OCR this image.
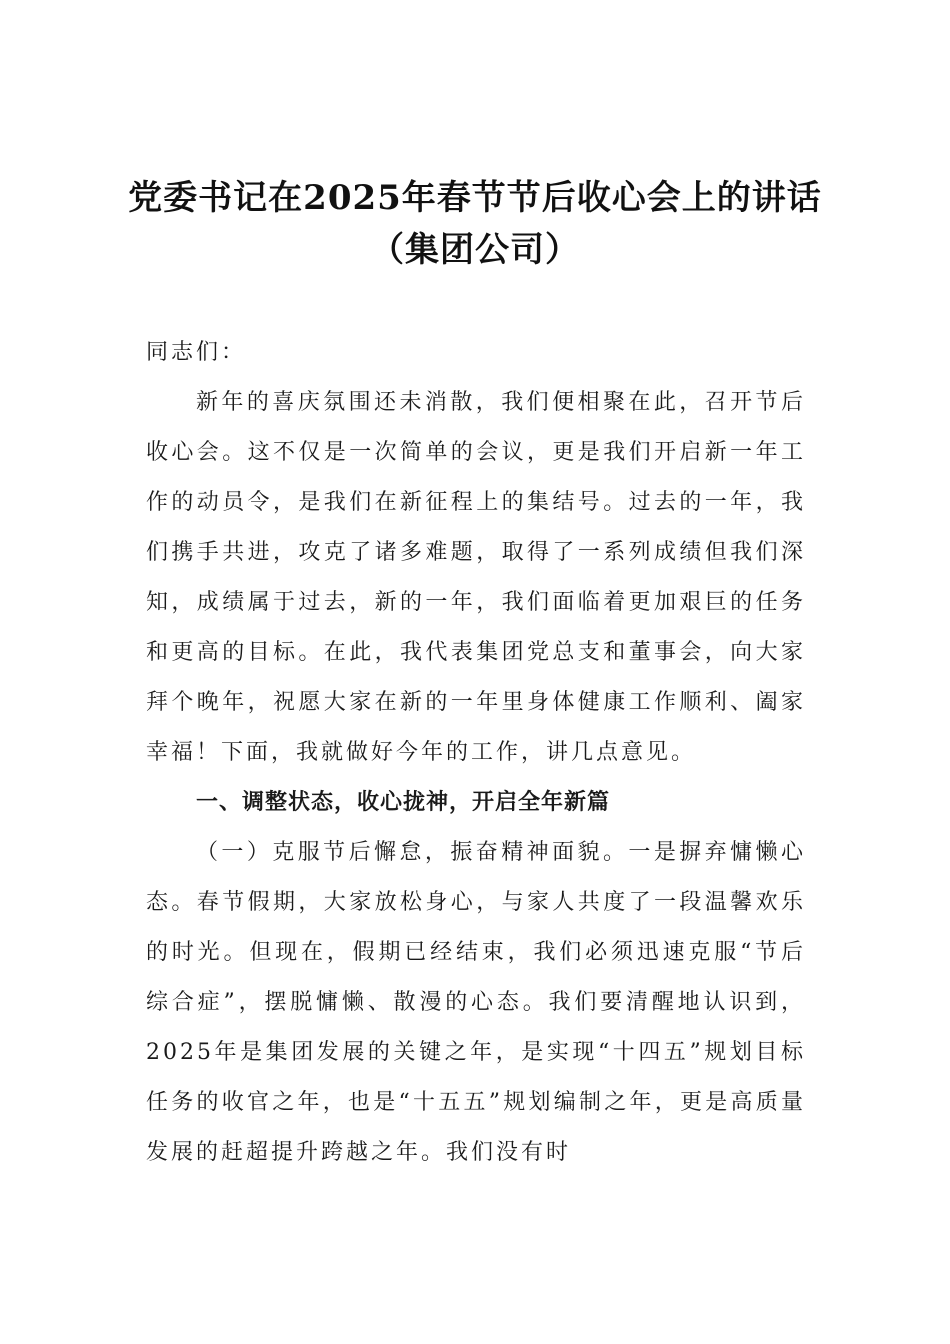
党委书记在2025年春节节后收心会上的讲话（集团公司）

同志们：

新年的喜庆氛围还未消散，我们便相聚在此，召开节后收心会。这不仅是一次简单的会议，更是我们开启新一年工作的动员令，是我们在新征程上的集结号。过去的一年，我们携手共进，攻克了诸多难题，取得了一系列成绩但我们深知，成绩属于过去，新的一年，我们面临着更加艰巨的任务和更高的目标。在此，我代表集团党总支和董事会，向大家拜个晚年，祝愿大家在新的一年里身体健康工作顺利、阖家幸福！下面，我就做好今年的工作，讲几点意见。

一、调整状态，收心拢神，开启全年新篇

（一）克服节后懈怠，振奋精神面貌。一是摒弃慵懒心态。春节假期，大家放松身心，与家人共度了一段温馨欢乐的时光。但现在，假期已经结束，我们必须迅速克服“节后综合症”，摆脱慵懒、散漫的心态。我们要清醒地认识到，2025年是集团发展的关键之年，是实现“十四五”规划目标任务的收官之年，也是“十五五”规划编制之年，更是高质量发展的赶超提升跨越之年。我们没有时
